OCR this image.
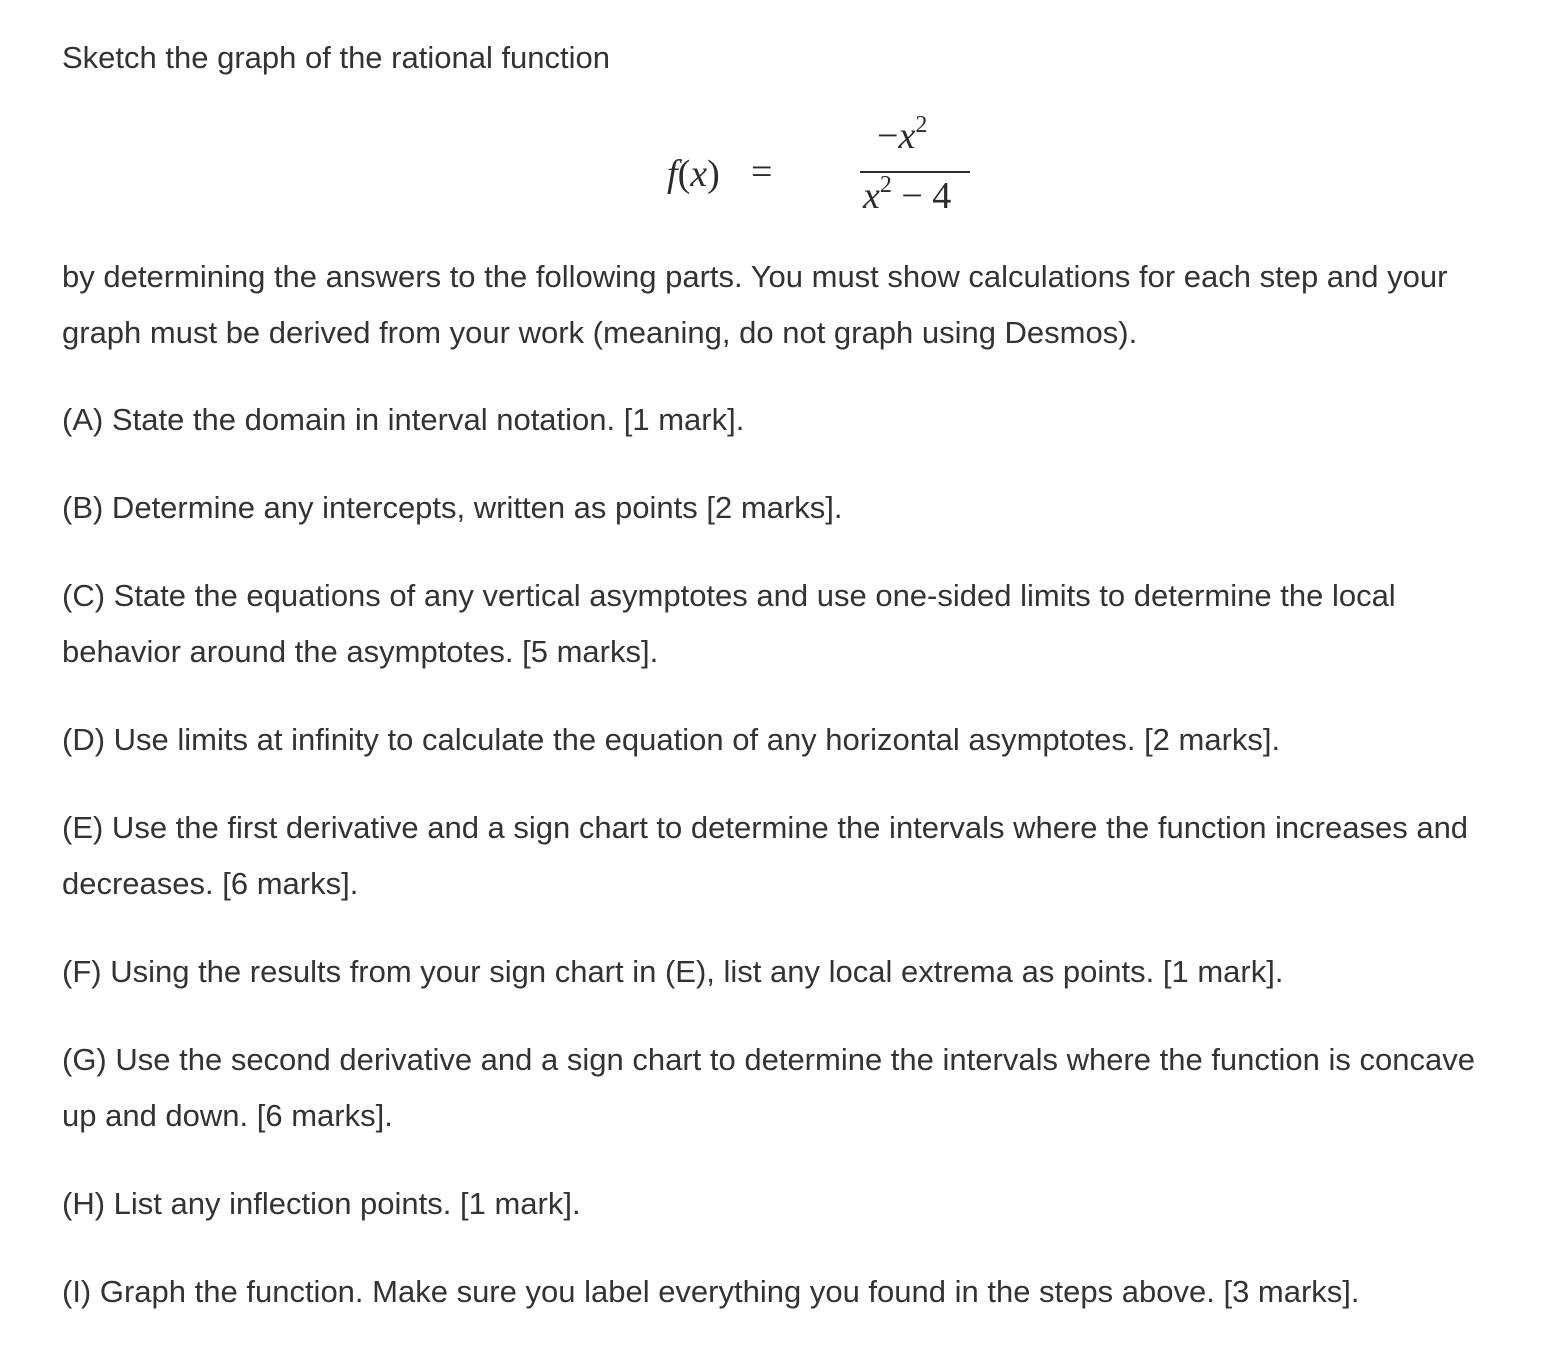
Sketch the graph of the rational function
f(x) =
$-x^2$
$x^2 - 4$
by determining the answers to the following parts. You must show calculations for each step and your graph must be derived from your work (meaning, do not graph using Desmos).
(A) State the domain in interval notation. [1 mark].
(B) Determine any intercepts, written as points [2 marks].
(C) State the equations of any vertical asymptotes and use one-sided limits to determine the local behavior around the asymptotes. [5 marks].
(D) Use limits at infinity to calculate the equation of any horizontal asymptotes. [2 marks].
(E) Use the first derivative and a sign chart to determine the intervals where the function increases and decreases. [6 marks].
(F) Using the results from your sign chart in (E), list any local extrema as points. [1 mark].
(G) Use the second derivative and a sign chart to determine the intervals where the function is concave up and down. [6 marks].
(H) List any inflection points. [1 mark].
(I) Graph the function. Make sure you label everything you found in the steps above. [3 marks].
